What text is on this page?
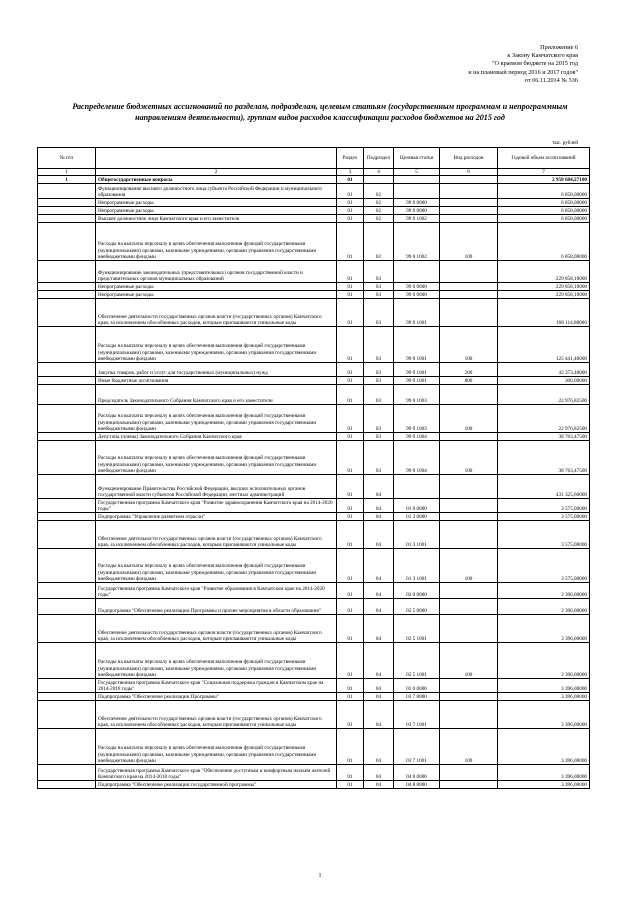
Приложение 6
к Закону Камчатского края
"О краевом бюджете на 2015 год
и на плановый период 2016 и 2017 годов"
от 06.11.2014 № 536
Распределение бюджетных ассигнований по разделам, подразделам, целевым статьям (государственным программам и непрограммным направлениям деятельности), группам видов расходов классификации расходов бюджетов на 2015 год
тыс. рублей
№ п/п		Раздел	Подраздел	Целевая статья	Вид расходов	Годовой объем ассигнований
1	2	3	4	5	6	7
1	Общегосударственные вопросы	01				2 958 684,27100
	Функционирование высшего должностного лица субъекта Российской Федерации и муниципального образования	01	02			6 858,00000
	Непрограммные расходы	01	02	99 0 0000		6 858,00000
	Непрограммные расходы	01	02	99 0 0000		6 858,00000
	Высшее должностное лицо Камчатского края и его заместители	01	02	99 0 1002		6 858,00000
	Расходы на выплаты персоналу в целях обеспечения выполнения функций государственными (муниципальными) органами, казенными учреждениями, органами управления государственными внебюджетными фондами	01	02	99 0 1002	100	6 858,00000
	Функционирование законодательных (представительных) органов государственной власти и представительных органов муниципальных образований	01	03			229 858,10000
	Непрограммные расходы	01	03	99 0 0000		229 858,10000
	Непрограммные расходы	01	03	99 0 0000		229 858,10000
	Обеспечение деятельности государственных органов власти (государственных органов) Камчатского края, за исключением обособленных расходов, которым присваиваются уникальные коды	01	03	99 0 1001		168 114,80000
	Расходы на выплаты персоналу в целях обеспечения выполнения функций государственными (муниципальными) органами, казенными учреждениями, органами управления государственными внебюджетными фондами	01	03	99 0 1001	100	125 441,40000
	Закупка товаров, работ и услуг для государственных (муниципальных) нужд	01	03	99 0 1001	200	42 373,40000
	Иные бюджетные ассигнования	01	03	99 0 1001	800	300,00000
	Председатель Законодательного Собрания Камчатского края и его заместители	01	03	99 0 1003		22 976,82500
	Расходы на выплаты персоналу в целях обеспечения выполнения функций государственными (муниципальными) органами, казенными учреждениями, органами управления государственными внебюджетными фондами	01	03	99 0 1003	100	22 976,82500
	Депутаты (члены) Законодательного Собрания Камчатского края	01	03	99 0 1004		38 763,47500
	Расходы на выплаты персоналу в целях обеспечения выполнения функций государственными (муниципальными) органами, казенными учреждениями, органами управления государственными внебюджетными фондами	01	03	99 0 1004	100	38 763,47500
	Функционирование Правительства Российской Федерации, высших исполнительных органов государственной власти субъектов Российской Федерации, местных администраций	01	04			431 325,60000
	Государственная программа Камчатского края "Развитие здравоохранения Камчатского края на 2014-2020 годы"	01	04	01 0 0000		3 575,00000
	Подпрограмма "Управление развитием отрасли"	01	04	01 3 0000		3 575,00000
	Обеспечение деятельности государственных органов власти (государственных органов) Камчатского края, за исключением обособленных расходов, которым присваиваются уникальные коды	01	04	01 3 1001		3 575,00000
	Расходы на выплаты персоналу в целях обеспечения выполнения функций государственными (муниципальными) органами, казенными учреждениями, органами управления государственными внебюджетными фондами	01	04	01 3 1001	100	3 575,00000
	Государственная программа Камчатского края "Развитие образования в Камчатском крае на 2014-2020 годы"	01	04	02 0 0000		3 396,00000
	Подпрограмма "Обеспечение реализации Программы и прочие мероприятия в области образования"	01	04	02 5 0000		3 396,00000
	Обеспечение деятельности государственных органов власти (государственных органов) Камчатского края, за исключением обособленных расходов, которым присваиваются уникальные коды	01	04	02 5 1001		3 396,00000
	Расходы на выплаты персоналу в целях обеспечения выполнения функций государственными (муниципальными) органами, казенными учреждениями, органами управления государственными внебюджетными фондами	01	04	02 5 1001	100	3 396,00000
	Государственная программа Камчатского края "Социальная поддержка граждан в Камчатском крае на 2014-2018 годы"	01	04	03 0 0000		3 396,00000
	Подпрограмма "Обеспечение реализации Программы"	01	04	03 7 0000		3 396,00000
	Обеспечение деятельности государственных органов власти (государственных органов) Камчатского края, за исключением обособленных расходов, которым присваиваются уникальные коды	01	04	03 7 1001		3 396,00000
	Расходы на выплаты персоналу в целях обеспечения выполнения функций государственными (муниципальными) органами, казенными учреждениями, органами управления государственными внебюджетными фондами	01	04	03 7 1001	100	3 396,00000
	Государственная программа Камчатского края "Обеспечение доступным и комфортным жильем жителей Камчатского края на 2014-2018 годы"	01	04	04 0 0000		3 396,00000
	Подпрограмма "Обеспечение реализации государственной программы"	01	04	04 8 0000		3 396,00000
1
